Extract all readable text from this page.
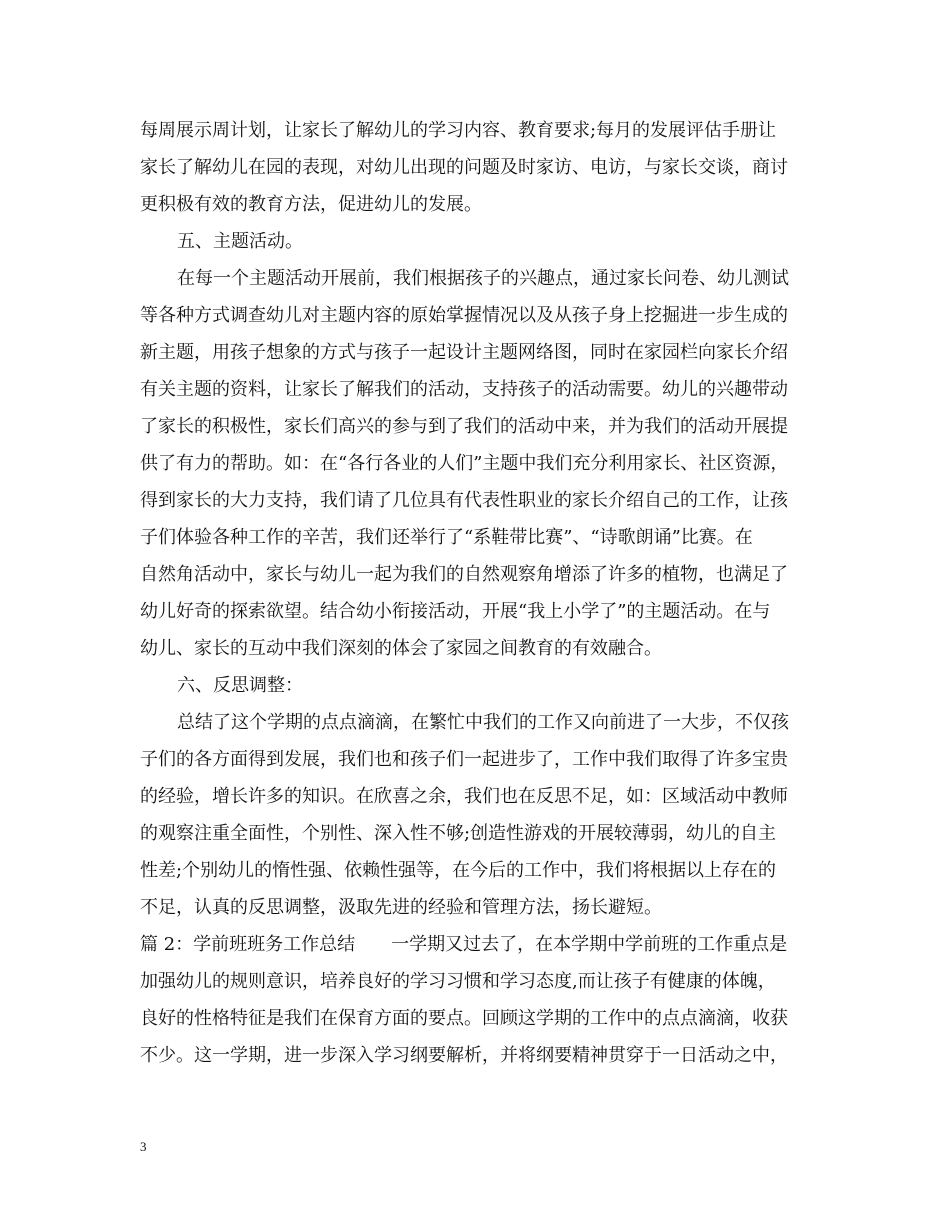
每周展示周计划，让家长了解幼儿的学习内容、教育要求;每月的发展评估手册让
家长了解幼儿在园的表现，对幼儿出现的问题及时家访、电访，与家长交谈，商讨
更积极有效的教育方法，促进幼儿的发展。
五、主题活动。
在每一个主题活动开展前，我们根据孩子的兴趣点，通过家长问卷、幼儿测试
等各种方式调查幼儿对主题内容的原始掌握情况以及从孩子身上挖掘进一步生成的
新主题，用孩子想象的方式与孩子一起设计主题网络图，同时在家园栏向家长介绍
有关主题的资料，让家长了解我们的活动，支持孩子的活动需要。幼儿的兴趣带动
了家长的积极性，家长们高兴的参与到了我们的活动中来，并为我们的活动开展提
供了有力的帮助。如：在“各行各业的人们”主题中我们充分利用家长、社区资源，
得到家长的大力支持，我们请了几位具有代表性职业的家长介绍自己的工作，让孩
子们体验各种工作的辛苦，我们还举行了“系鞋带比赛”、“诗歌朗诵”比赛。在
自然角活动中，家长与幼儿一起为我们的自然观察角增添了许多的植物，也满足了
幼儿好奇的探索欲望。结合幼小衔接活动，开展“我上小学了”的主题活动。在与
幼儿、家长的互动中我们深刻的体会了家园之间教育的有效融合。
六、反思调整：
总结了这个学期的点点滴滴，在繁忙中我们的工作又向前进了一大步，不仅孩
子们的各方面得到发展，我们也和孩子们一起进步了，工作中我们取得了许多宝贵
的经验，增长许多的知识。在欣喜之余，我们也在反思不足，如：区域活动中教师
的观察注重全面性，个别性、深入性不够;创造性游戏的开展较薄弱，幼儿的自主
性差;个别幼儿的惰性强、依赖性强等，在今后的工作中，我们将根据以上存在的
不足，认真的反思调整，汲取先进的经验和管理方法，扬长避短。
篇 2：学前班班务工作总结　　一学期又过去了，在本学期中学前班的工作重点是
加强幼儿的规则意识，培养良好的学习习惯和学习态度,而让孩子有健康的体魄，
良好的性格特征是我们在保育方面的要点。回顾这学期的工作中的点点滴滴，收获
不少。这一学期，进一步深入学习纲要解析，并将纲要精神贯穿于一日活动之中，
3
